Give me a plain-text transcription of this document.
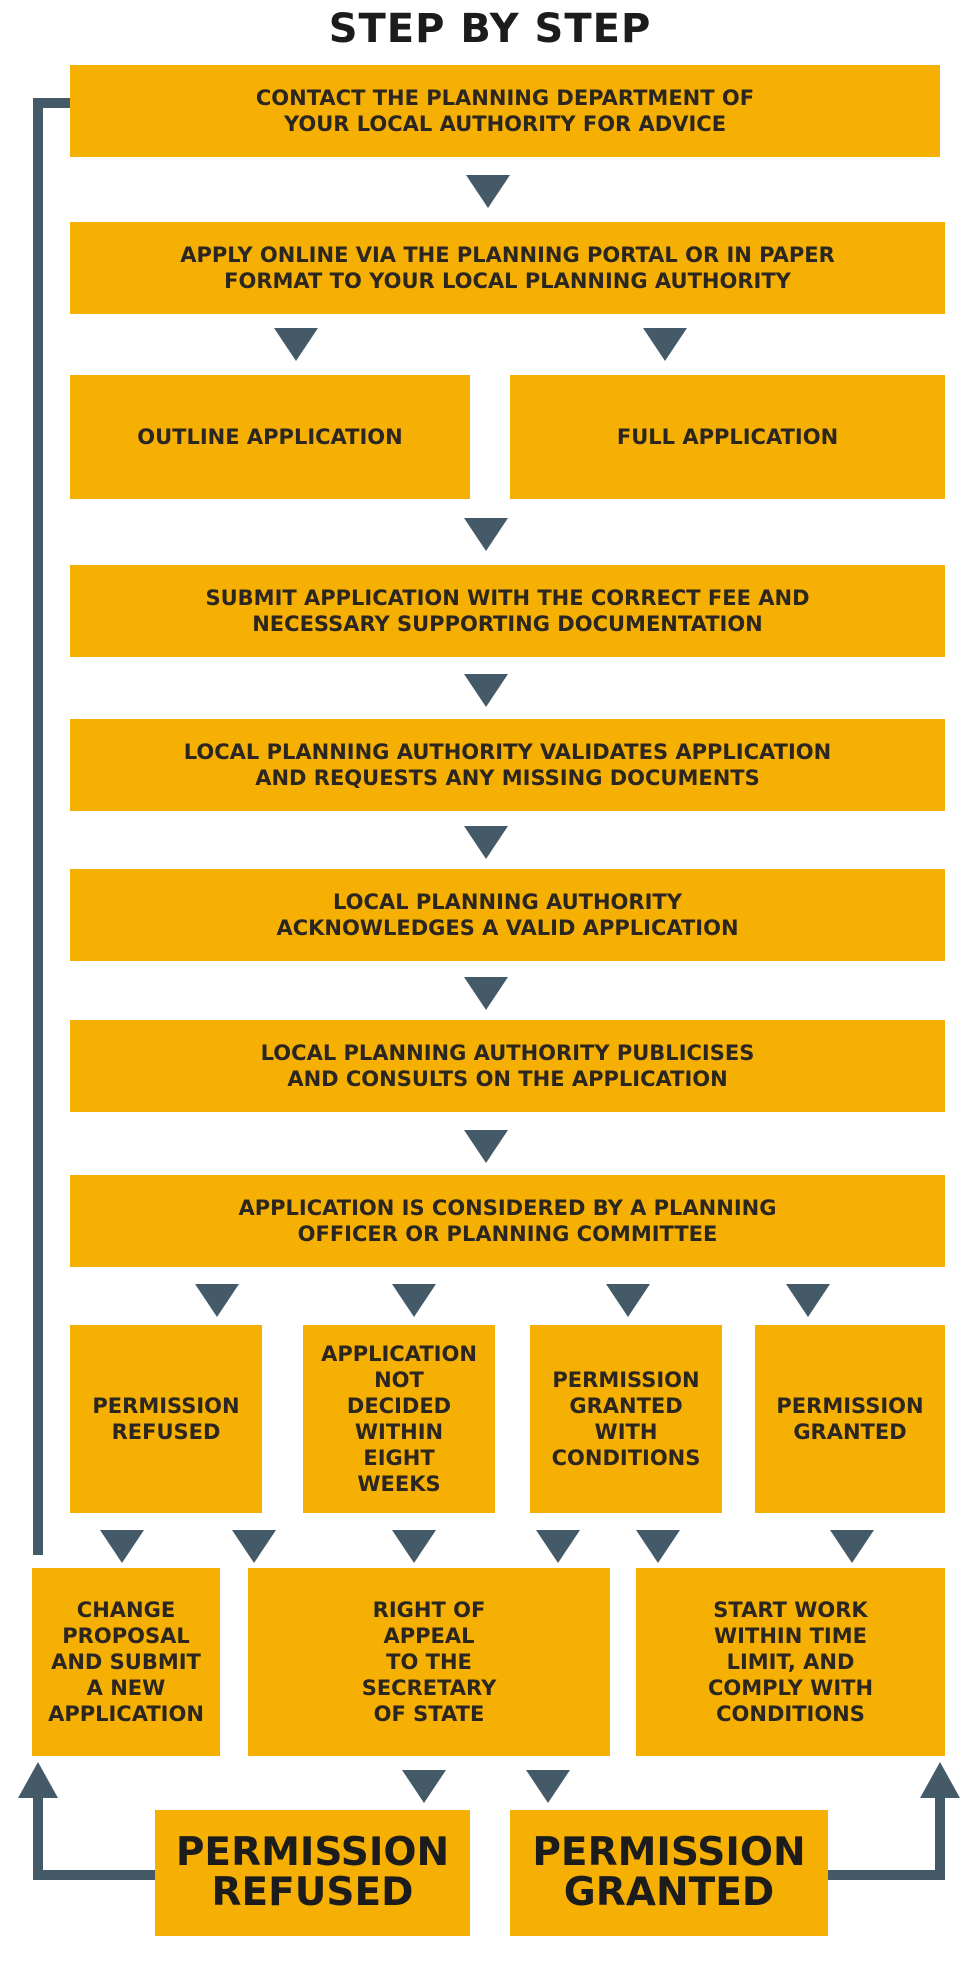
STEP BY STEP
CONTACT THE PLANNING DEPARTMENT OF
YOUR LOCAL AUTHORITY FOR ADVICE
APPLY ONLINE VIA THE PLANNING PORTAL OR IN PAPER
FORMAT TO YOUR LOCAL PLANNING AUTHORITY
OUTLINE APPLICATION	FULL APPLICATION
SUBMIT APPLICATION WITH THE CORRECT FEE AND
NECESSARY SUPPORTING DOCUMENTATION
LOCAL PLANNING AUTHORITY VALIDATES APPLICATION
AND REQUESTS ANY MISSING DOCUMENTS
LOCAL PLANNING AUTHORITY
ACKNOWLEDGES A VALID APPLICATION
LOCAL PLANNING AUTHORITY PUBLICISES
AND CONSULTS ON THE APPLICATION
APPLICATION IS CONSIDERED BY A PLANNING
OFFICER OR PLANNING COMMITTEE
PERMISSION
REFUSED
APPLICATION
NOT
DECIDED
WITHIN
EIGHT
WEEKS
PERMISSION
GRANTED
WITH
CONDITIONS
PERMISSION
GRANTED
CHANGE
PROPOSAL
AND SUBMIT
A NEW
APPLICATION
RIGHT OF
APPEAL
TO THE
SECRETARY
OF STATE
START WORK
WITHIN TIME
LIMIT, AND
COMPLY WITH
CONDITIONS
PERMISSION
REFUSED
PERMISSION
GRANTED
